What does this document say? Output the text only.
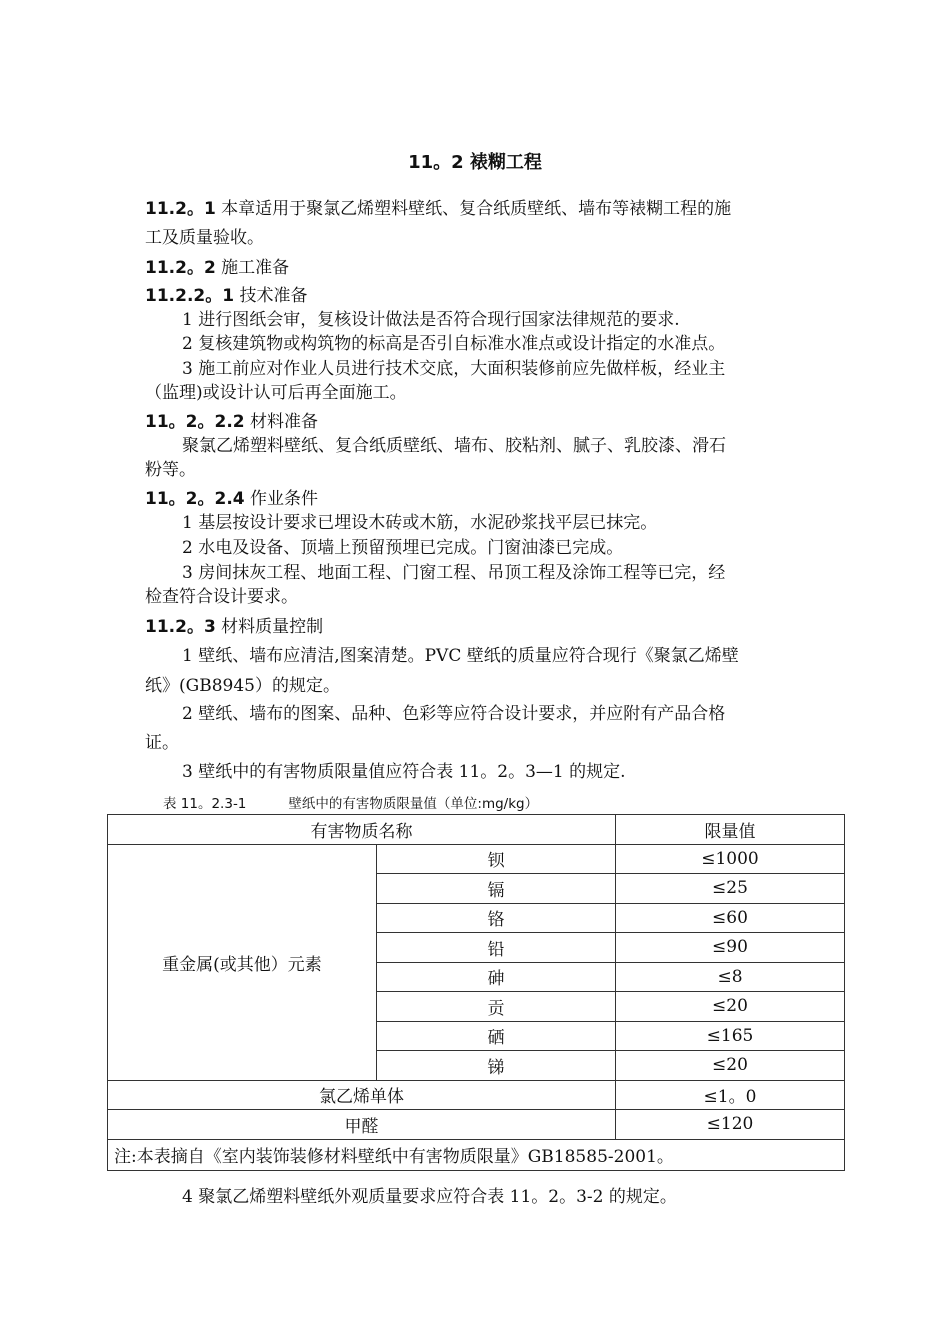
11。2 裱糊工程
11.2。1 本章适用于聚氯乙烯塑料壁纸、复合纸质壁纸、墙布等裱糊工程的施
工及质量验收。
11.2。2 施工准备
11.2.2。1 技术准备
1 进行图纸会审，复核设计做法是否符合现行国家法律规范的要求.
2 复核建筑物或构筑物的标高是否引自标准水准点或设计指定的水准点。
3 施工前应对作业人员进行技术交底，大面积装修前应先做样板，经业主
（监理)或设计认可后再全面施工。
11。2。2.2 材料准备
聚氯乙烯塑料壁纸、复合纸质壁纸、墙布、胶粘剂、腻子、乳胶漆、滑石
粉等。
11。2。2.4 作业条件
1 基层按设计要求已埋设木砖或木筋，水泥砂浆找平层已抹完。
2 水电及设备、顶墙上预留预埋已完成。门窗油漆已完成。
3 房间抹灰工程、地面工程、门窗工程、吊顶工程及涂饰工程等已完，经
检查符合设计要求。
11.2。3 材料质量控制
1 壁纸、墙布应清洁,图案清楚。PVC 壁纸的质量应符合现行《聚氯乙烯壁
纸》(GB8945）的规定。
2 壁纸、墙布的图案、品种、色彩等应符合设计要求，并应附有产品合格
证。
3 壁纸中的有害物质限量值应符合表 11。2。3—1 的规定.
表 11。2.3-1	壁纸中的有害物质限量值（单位:mg/kg）
有害物质名称		限量值
重金属(或其他）元素	钡	≤1000
	镉	≤25
	铬	≤60
	铅	≤90
	砷	≤8
	贡	≤20
	硒	≤165
	锑	≤20
氯乙烯单体		≤1。0
甲醛		≤120
注:本表摘自《室内装饰装修材料壁纸中有害物质限量》GB18585-2001。		
4 聚氯乙烯塑料壁纸外观质量要求应符合表 11。2。3-2 的规定。
